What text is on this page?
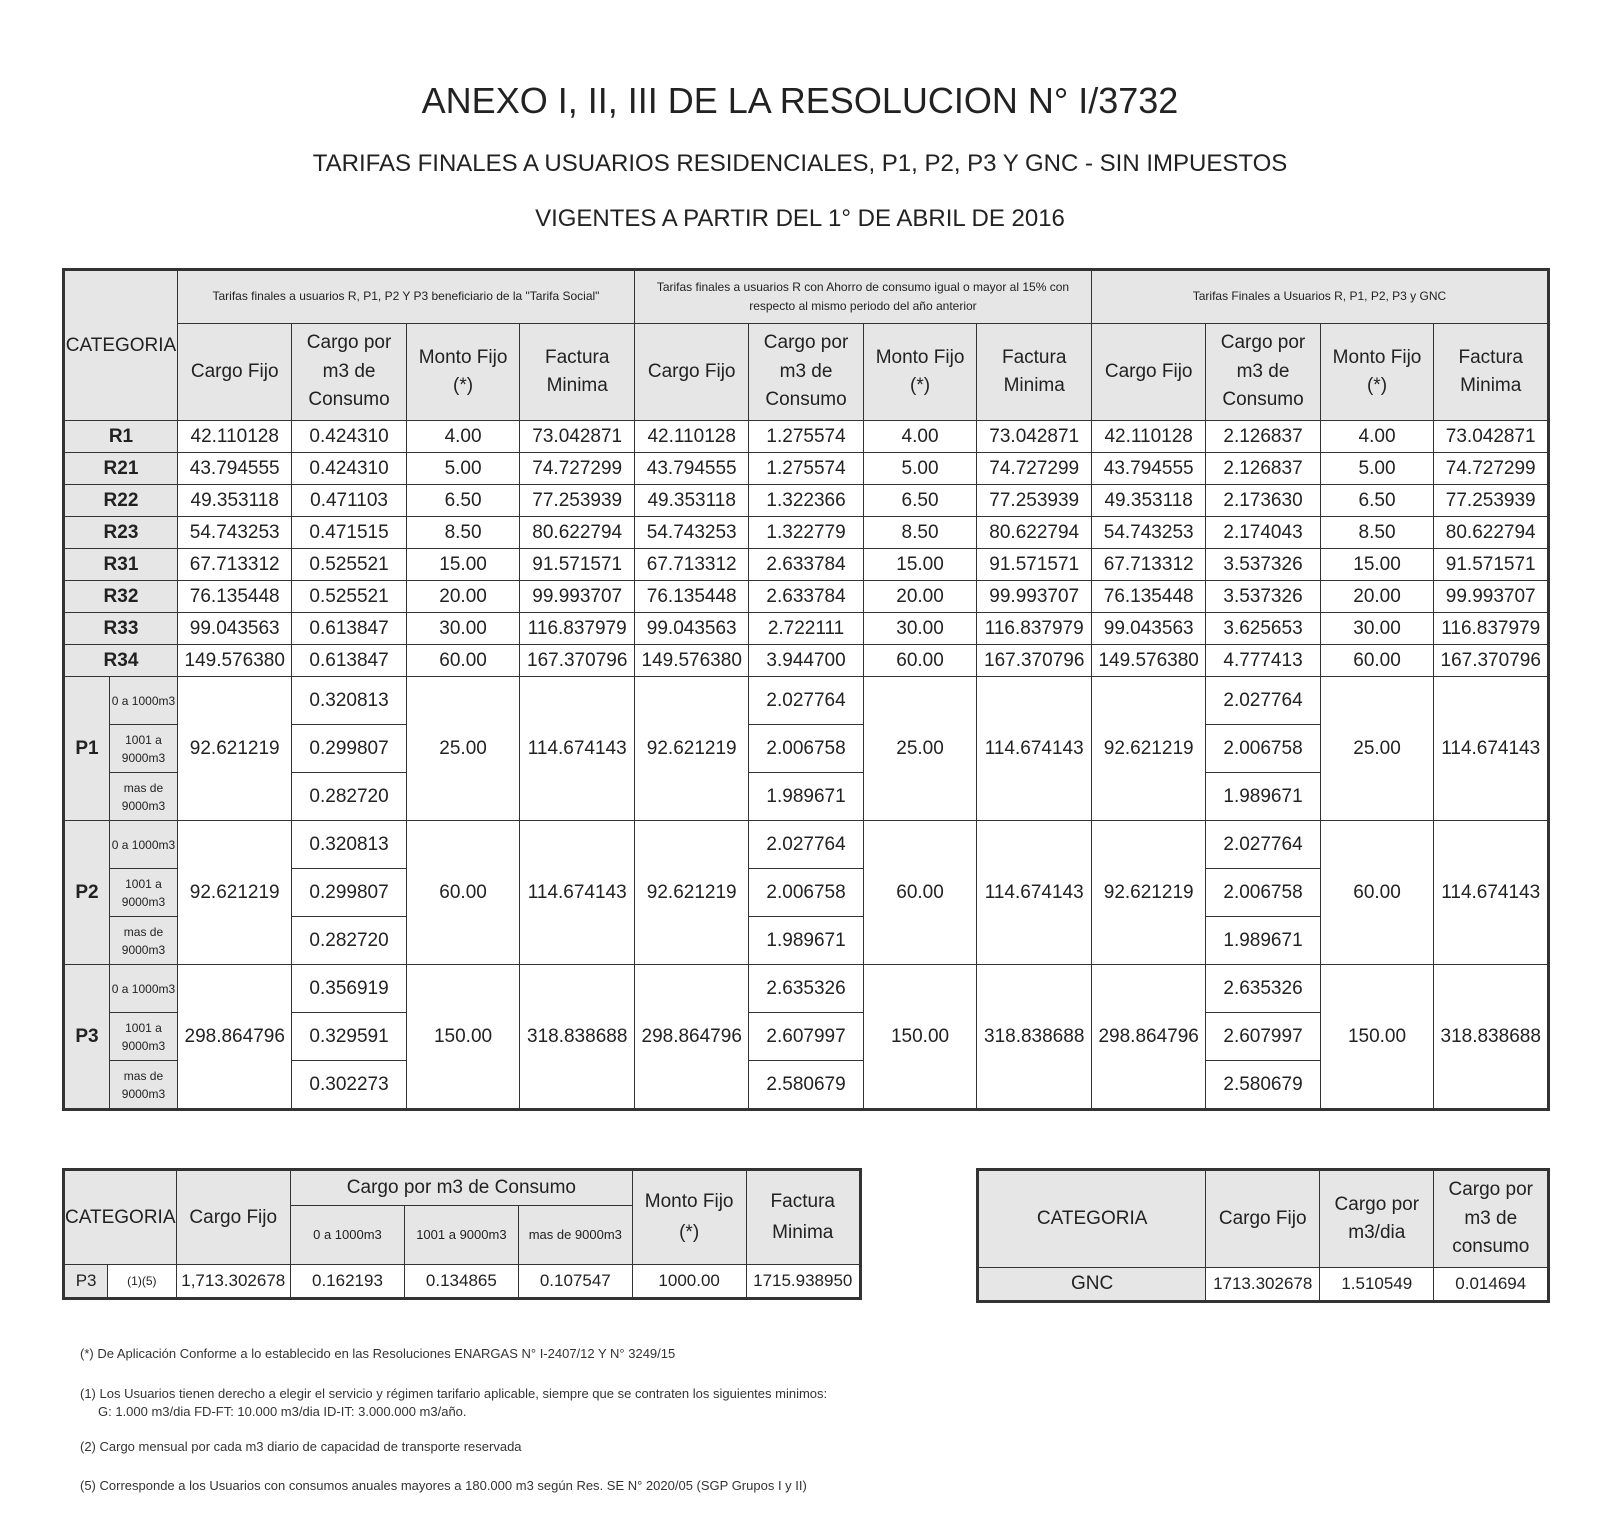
ANEXO I, II, III DE LA RESOLUCION N° I/3732
TARIFAS FINALES A USUARIOS RESIDENCIALES, P1, P2, P3 Y GNC - SIN IMPUESTOS
VIGENTES A PARTIR DEL 1° DE ABRIL DE 2016
CATEGORIA		Tarifas finales a usuarios R, P1, P2 Y P3 beneficiario de la "Tarifa Social"				Tarifas finales a usuarios R con Ahorro de consumo igual o mayor al 15% con respecto al mismo periodo del año anterior				Tarifas Finales a Usuarios R, P1, P2, P3 y GNC			
		Cargo Fijo	Cargo por m3 de Consumo	Monto Fijo (*)	Factura Minima	Cargo Fijo	Cargo por m3 de Consumo	Monto Fijo (*)	Factura Minima	Cargo Fijo	Cargo por m3 de Consumo	Monto Fijo (*)	Factura Minima
R1		42.110128	0.424310	4.00	73.042871	42.110128	1.275574	4.00	73.042871	42.110128	2.126837	4.00	73.042871
R21		43.794555	0.424310	5.00	74.727299	43.794555	1.275574	5.00	74.727299	43.794555	2.126837	5.00	74.727299
R22		49.353118	0.471103	6.50	77.253939	49.353118	1.322366	6.50	77.253939	49.353118	2.173630	6.50	77.253939
R23		54.743253	0.471515	8.50	80.622794	54.743253	1.322779	8.50	80.622794	54.743253	2.174043	8.50	80.622794
R31		67.713312	0.525521	15.00	91.571571	67.713312	2.633784	15.00	91.571571	67.713312	3.537326	15.00	91.571571
R32		76.135448	0.525521	20.00	99.993707	76.135448	2.633784	20.00	99.993707	76.135448	3.537326	20.00	99.993707
R33		99.043563	0.613847	30.00	116.837979	99.043563	2.722111	30.00	116.837979	99.043563	3.625653	30.00	116.837979
R34		149.576380	0.613847	60.00	167.370796	149.576380	3.944700	60.00	167.370796	149.576380	4.777413	60.00	167.370796
P1	0 a 1000m3	92.621219	0.320813	25.00	114.674143	92.621219	2.027764	25.00	114.674143	92.621219	2.027764	25.00	114.674143
	1001 a 9000m3		0.299807				2.006758				2.006758		
	mas de 9000m3		0.282720				1.989671				1.989671		
P2	0 a 1000m3	92.621219	0.320813	60.00	114.674143	92.621219	2.027764	60.00	114.674143	92.621219	2.027764	60.00	114.674143
	1001 a 9000m3		0.299807				2.006758				2.006758		
	mas de 9000m3		0.282720				1.989671				1.989671		
P3	0 a 1000m3	298.864796	0.356919	150.00	318.838688	298.864796	2.635326	150.00	318.838688	298.864796	2.635326	150.00	318.838688
	1001 a 9000m3		0.329591				2.607997				2.607997		
	mas de 9000m3		0.302273				2.580679				2.580679		
CATEGORIA		Cargo Fijo	Cargo por m3 de Consumo			Monto Fijo (*)	Factura Minima
			0 a 1000m3	1001 a 9000m3	mas de 9000m3		
P3	(1)(5)	1,713.302678	0.162193	0.134865	0.107547	1000.00	1715.938950
CATEGORIA	Cargo Fijo	Cargo por m3/dia	Cargo por m3 de consumo
GNC	1713.302678	1.510549	0.014694
(*) De Aplicación Conforme a lo establecido en las Resoluciones ENARGAS N° I-2407/12 Y N° 3249/15
(1) Los Usuarios tienen derecho a elegir el servicio y régimen tarifario aplicable, siempre que se contraten los siguientes minimos:
G: 1.000 m3/dia FD-FT: 10.000 m3/dia ID-IT: 3.000.000 m3/año.
(2) Cargo mensual por cada m3 diario de capacidad de transporte reservada
(5) Corresponde a los Usuarios con consumos anuales mayores a 180.000 m3 según Res. SE N° 2020/05 (SGP Grupos I y II)
